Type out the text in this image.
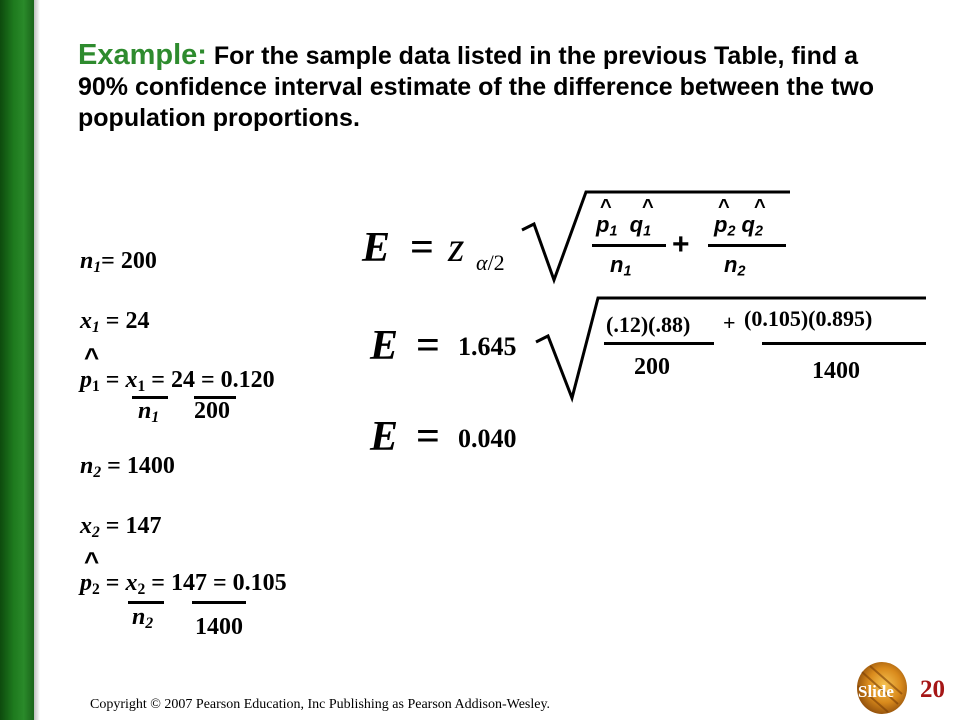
Example: For the sample data listed in the previous Table, find a 90% confidence interval estimate of the difference between the two population proportions.
$n_1= 200$
$x_1 = 24$
^
$p_1 = x_1 = 24 = 0.120$
$n_1$ 200
$n_2 = 1400$
$x_2 = 147$
^
$p_2 = x_2 = 147 = 0.105$
$n_2$ 1400
E = z α/2
^ ^
$p_1$ $q_1$
$n_1$
+
^ ^
$p_2$ $q_2$
$n_2$
E = 1.645
(.12)(.88) + (0.105)(0.895)
200	1400
E = 0.040
Copyright © 2007 Pearson Education, Inc Publishing as Pearson Addison-Wesley.
Slide 20
